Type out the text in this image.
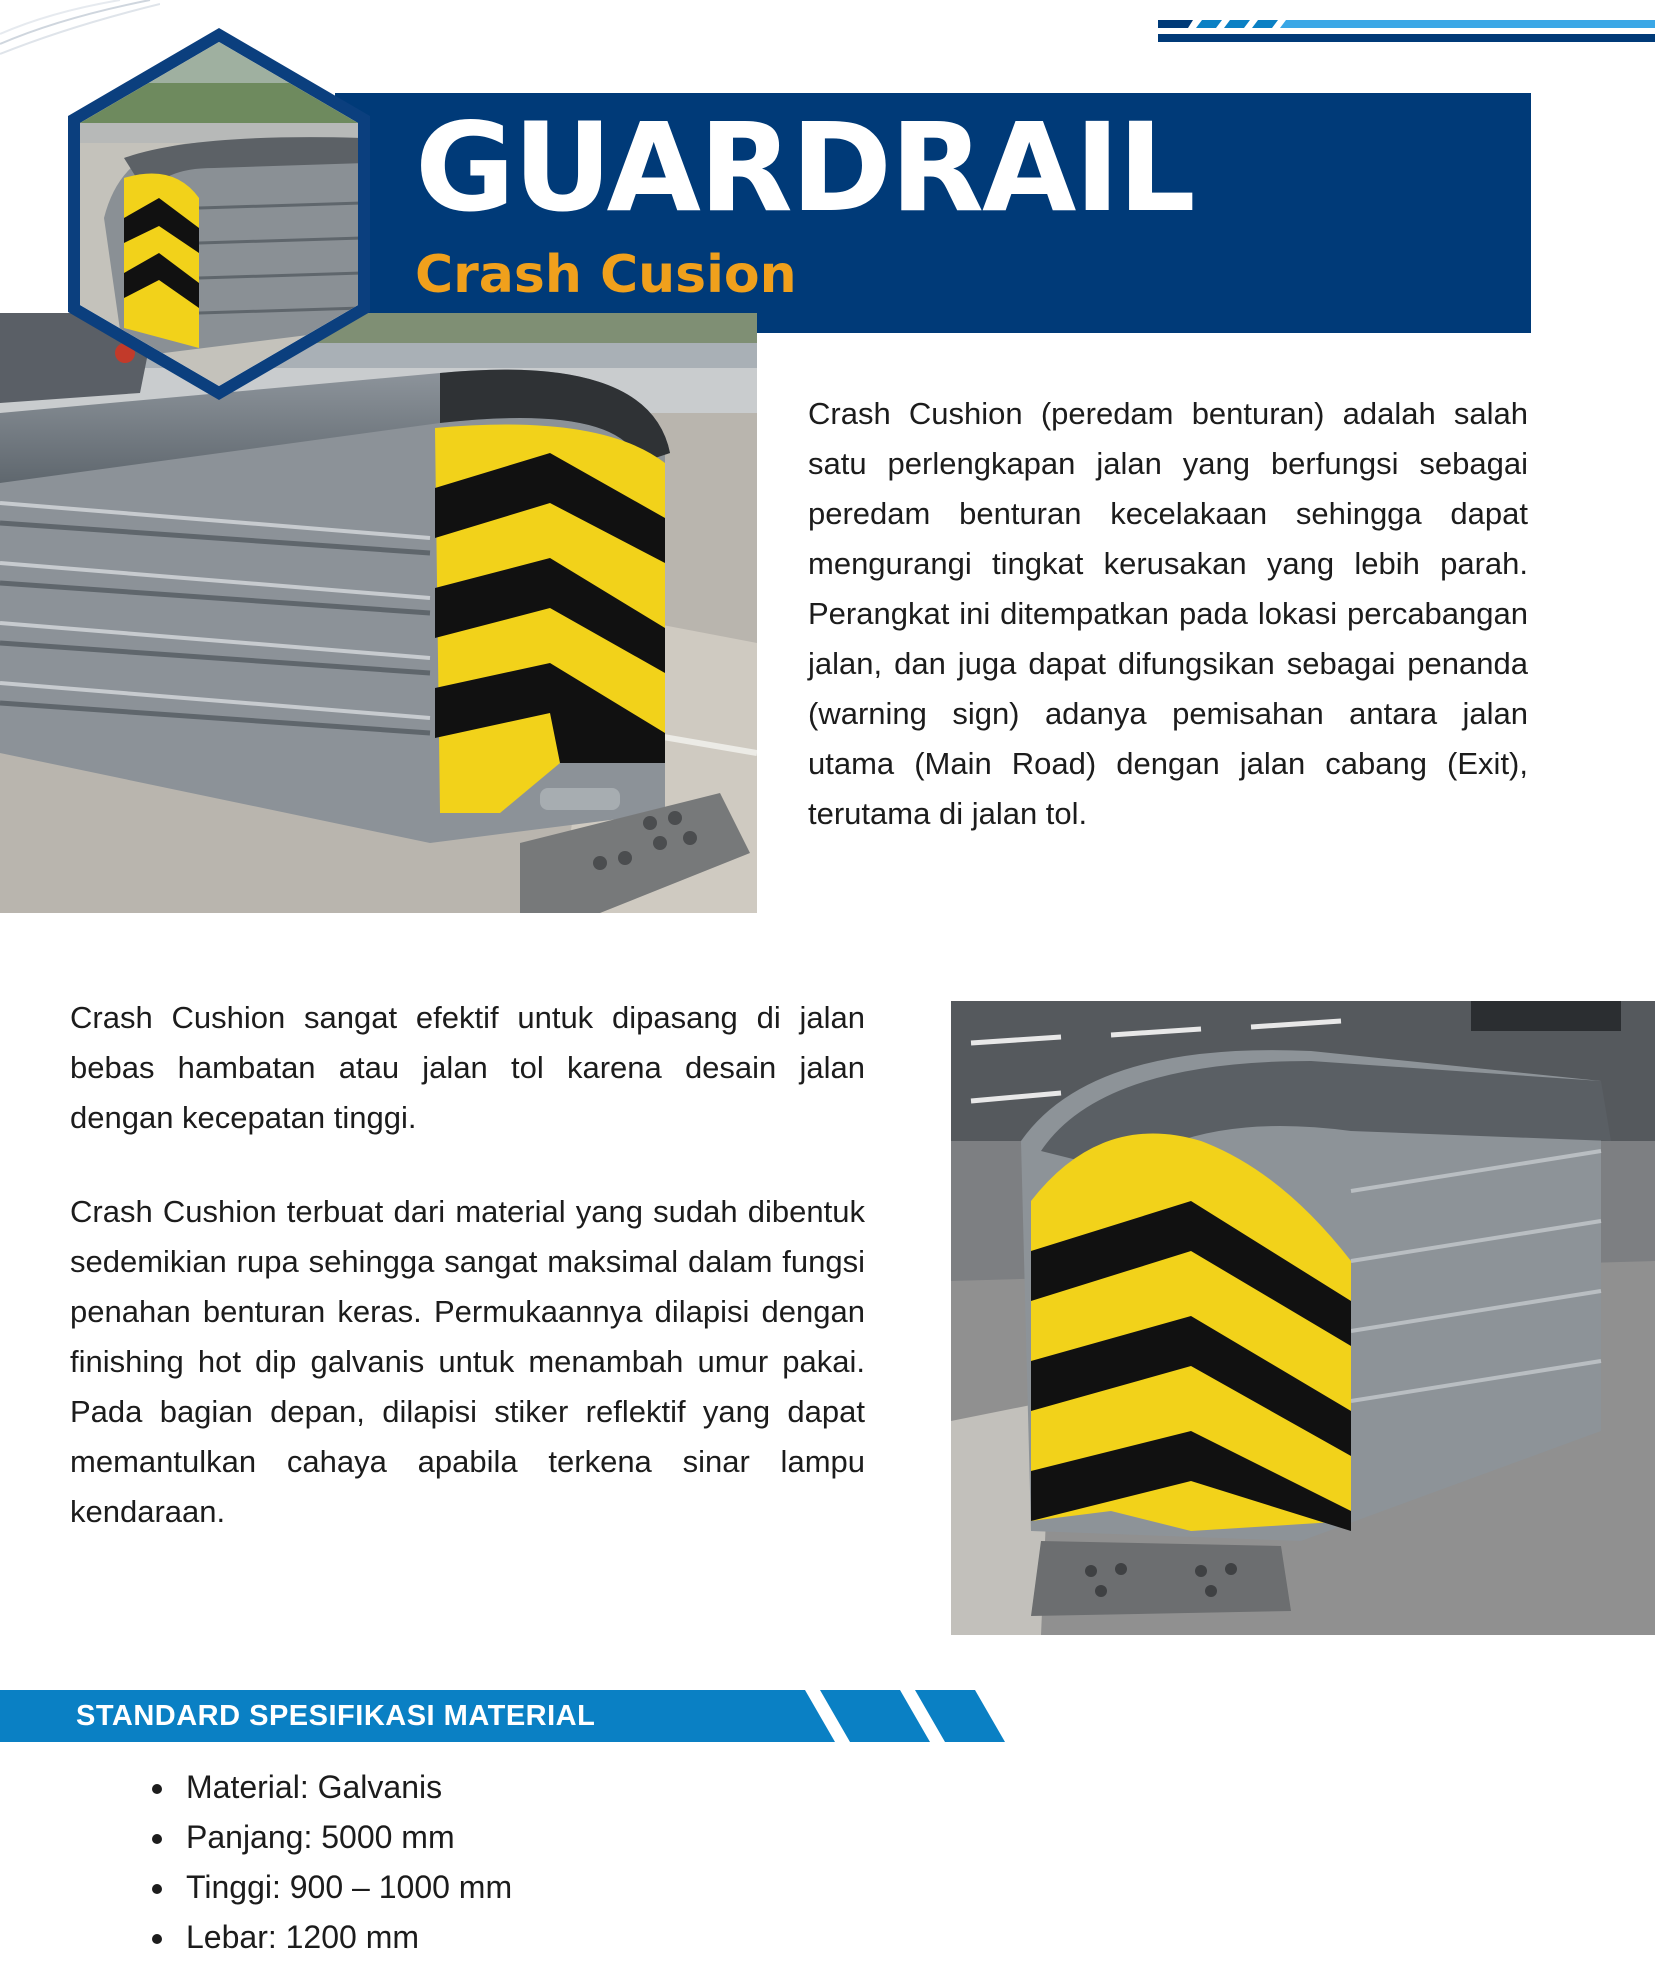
GUARDRAIL
Crash Cusion

Crash Cushion (peredam benturan) adalah salah satu perlengkapan jalan yang berfungsi sebagai peredam benturan kecelakaan sehingga dapat mengurangi tingkat kerusakan yang lebih parah. Perangkat ini ditempatkan pada lokasi percabangan jalan, dan juga dapat difungsikan sebagai penanda (warning sign) adanya pemisahan antara jalan utama (Main Road) dengan jalan cabang (Exit), terutama di jalan tol.

Crash Cushion sangat efektif untuk dipasang di jalan bebas hambatan atau jalan tol karena desain jalan dengan kecepatan tinggi.

Crash Cushion terbuat dari material yang sudah dibentuk sedemikian rupa sehingga sangat maksimal dalam fungsi penahan benturan keras. Permukaannya dilapisi dengan finishing hot dip galvanis untuk menambah umur pakai. Pada bagian depan, dilapisi stiker reflektif yang dapat memantulkan cahaya apabila terkena sinar lampu kendaraan.

STANDARD SPESIFIKASI MATERIAL
Material: Galvanis
Panjang: 5000 mm
Tinggi: 900 – 1000 mm
Lebar: 1200 mm
